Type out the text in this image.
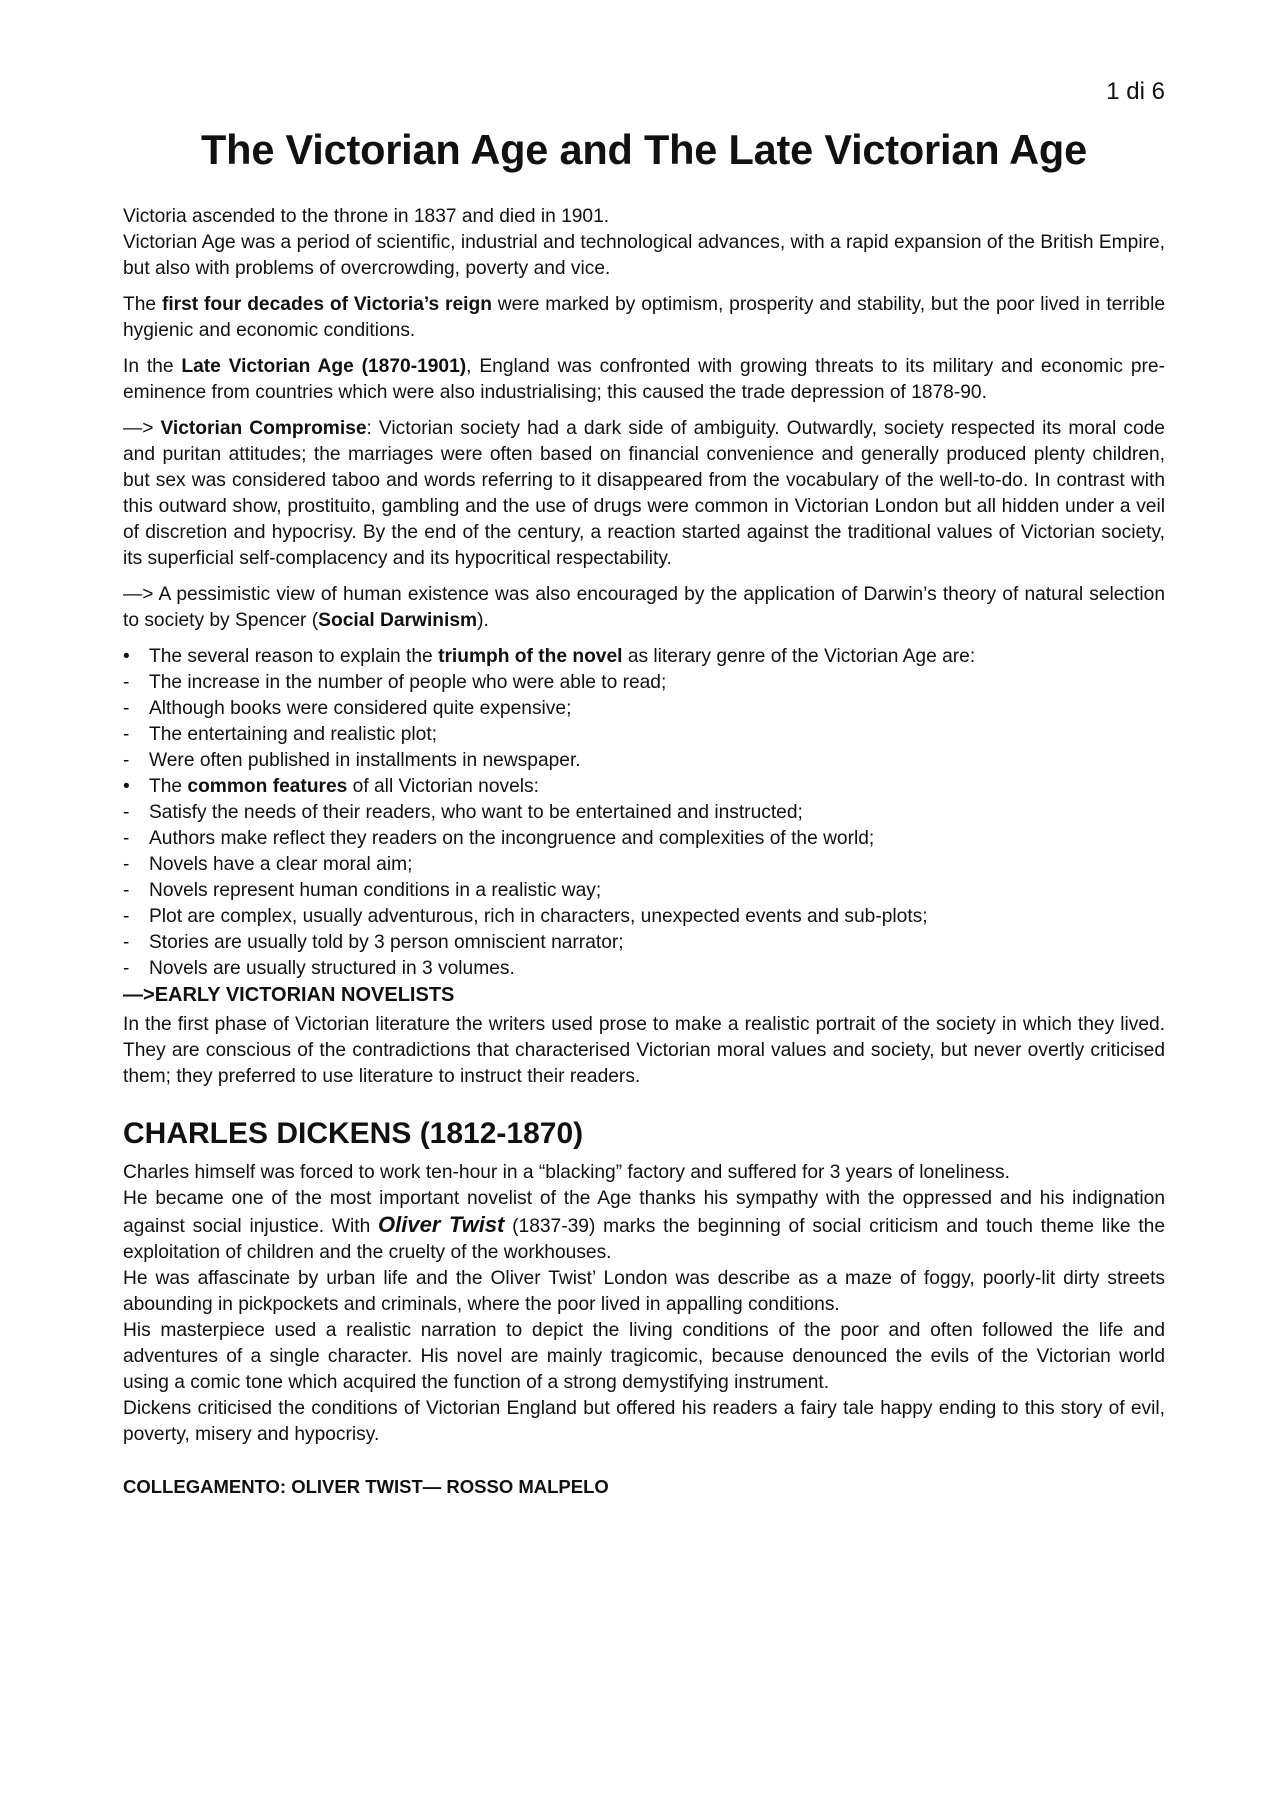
1 di 6
The Victorian Age and The Late Victorian Age

Victoria ascended to the throne in 1837 and died in 1901.

Victorian Age was a period of scientific, industrial and technological advances, with a rapid expansion of the British Empire, but also with problems of overcrowding, poverty and vice.

The first four decades of Victoria’s reign were marked by optimism, prosperity and stability, but the poor lived in terrible hygienic and economic conditions.

In the Late Victorian Age (1870-1901), England was confronted with growing threats to its military and economic pre-eminence from countries which were also industrialising; this caused the trade depression of 1878-90.

—> Victorian Compromise: Victorian society had a dark side of ambiguity. Outwardly, society respected its moral code and puritan attitudes; the marriages were often based on financial convenience and generally produced plenty children, but sex was considered taboo and words referring to it disappeared from the vocabulary of the well-to-do. In contrast with this outward show, prostituito, gambling and the use of drugs were common in Victorian London but all hidden under a veil of discretion and hypocrisy. By the end of the century, a reaction started against the traditional values of Victorian society, its superficial self-complacency and its hypocritical respectability.

—> A pessimistic view of human existence was also encouraged by the application of Darwin’s theory of natural selection to society by Spencer (Social Darwinism).

• The several reason to explain the triumph of the novel as literary genre of the Victorian Age are:
- The increase in the number of people who were able to read;
- Although books were considered quite expensive;
- The entertaining and realistic plot;
- Were often published in installments in newspaper.
• The common features of all Victorian novels:
- Satisfy the needs of their readers, who want to be entertained and instructed;
- Authors make reflect they readers on the incongruence and complexities of the world;
- Novels have a clear moral aim;
- Novels represent human conditions in a realistic way;
- Plot are complex, usually adventurous, rich in characters, unexpected events and sub-plots;
- Stories are usually told by 3 person omniscient narrator;
- Novels are usually structured in 3 volumes.
—>EARLY VICTORIAN NOVELISTS

In the first phase of Victorian literature the writers used prose to make a realistic portrait of the society in which they lived. They are conscious of the contradictions that characterised Victorian moral values and society, but never overtly criticised them; they preferred to use literature to instruct their readers.

CHARLES DICKENS (1812-1870)

Charles himself was forced to work ten-hour in a “blacking” factory and suffered for 3 years of loneliness.

He became one of the most important novelist of the Age thanks his sympathy with the oppressed and his indignation against social injustice. With Oliver Twist (1837-39) marks the beginning of social criticism and touch theme like the exploitation of children and the cruelty of the workhouses.

He was affascinate by urban life and the Oliver Twist’ London was describe as a maze of foggy, poorly-lit dirty streets abounding in pickpockets and criminals, where the poor lived in appalling conditions.

His masterpiece used a realistic narration to depict the living conditions of the poor and often followed the life and adventures of a single character. His novel are mainly tragicomic, because denounced the evils of the Victorian world using a comic tone which acquired the function of a strong demystifying instrument.

Dickens criticised the conditions of Victorian England but offered his readers a fairy tale happy ending to this story of evil, poverty, misery and hypocrisy.

COLLEGAMENTO: OLIVER TWIST— ROSSO MALPELO
